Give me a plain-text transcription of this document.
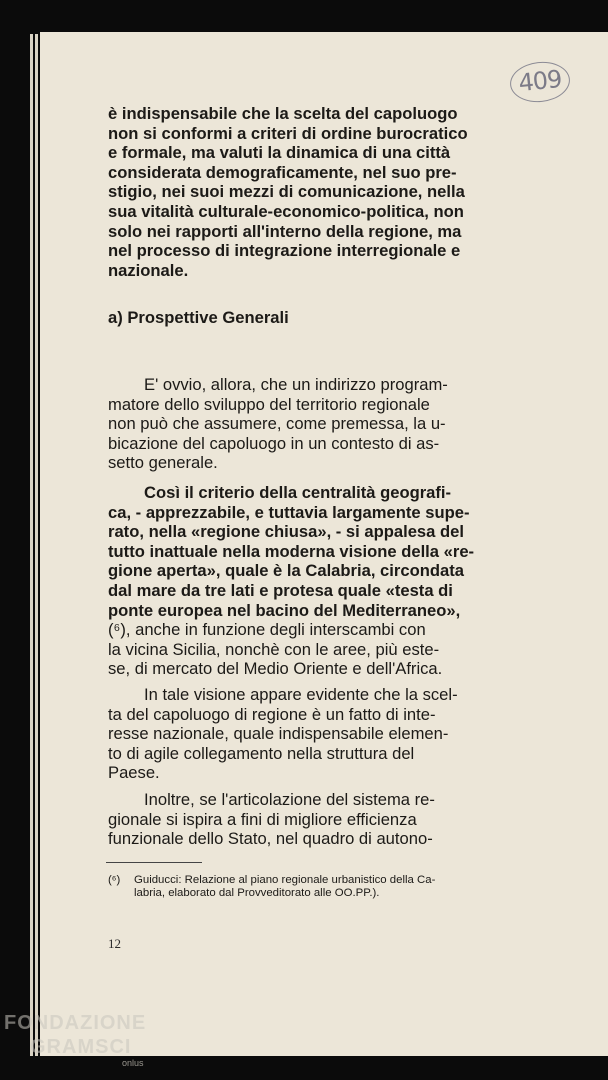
409

è indispensabile che la scelta del capoluogo

non si conformi a criteri di ordine burocratico

e formale, ma valuti la dinamica di una città

considerata demograficamente, nel suo pre-

stigio, nei suoi mezzi di comunicazione, nella

sua vitalità culturale-economico-politica, non

solo nei rapporti all'interno della regione, ma

nel processo di integrazione interregionale e

nazionale.

a) Prospettive Generali

E' ovvio, allora, che un indirizzo program-

matore dello sviluppo del territorio regionale

non può che assumere, come premessa, la u-

bicazione del capoluogo in un contesto di as-

setto generale.

Così il criterio della centralità geografi-

ca, - apprezzabile, e tuttavia largamente supe-

rato, nella «regione chiusa», - si appalesa del

tutto inattuale nella moderna visione della «re-

gione aperta», quale è la Calabria, circondata

dal mare da tre lati e protesa quale «testa di

ponte europea nel bacino del Mediterraneo»,

(⁶), anche in funzione degli interscambi con

la vicina Sicilia, nonchè con le aree, più este-

se, di mercato del Medio Oriente e dell'Africa.

In tale visione appare evidente che la scel-

ta del capoluogo di regione è un fatto di inte-

resse nazionale, quale indispensabile elemen-

to di agile collegamento nella struttura del

Paese.

Inoltre, se l'articolazione del sistema re-

gionale si ispira a fini di migliore efficienza

funzionale dello Stato, nel quadro di autono-

(⁶) Guiducci: Relazione al piano regionale urbanistico della Ca-
labria, elaborato dal Provveditorato alle OO.PP.).
12
FONDAZIONE
GRAMSCI
onlus
